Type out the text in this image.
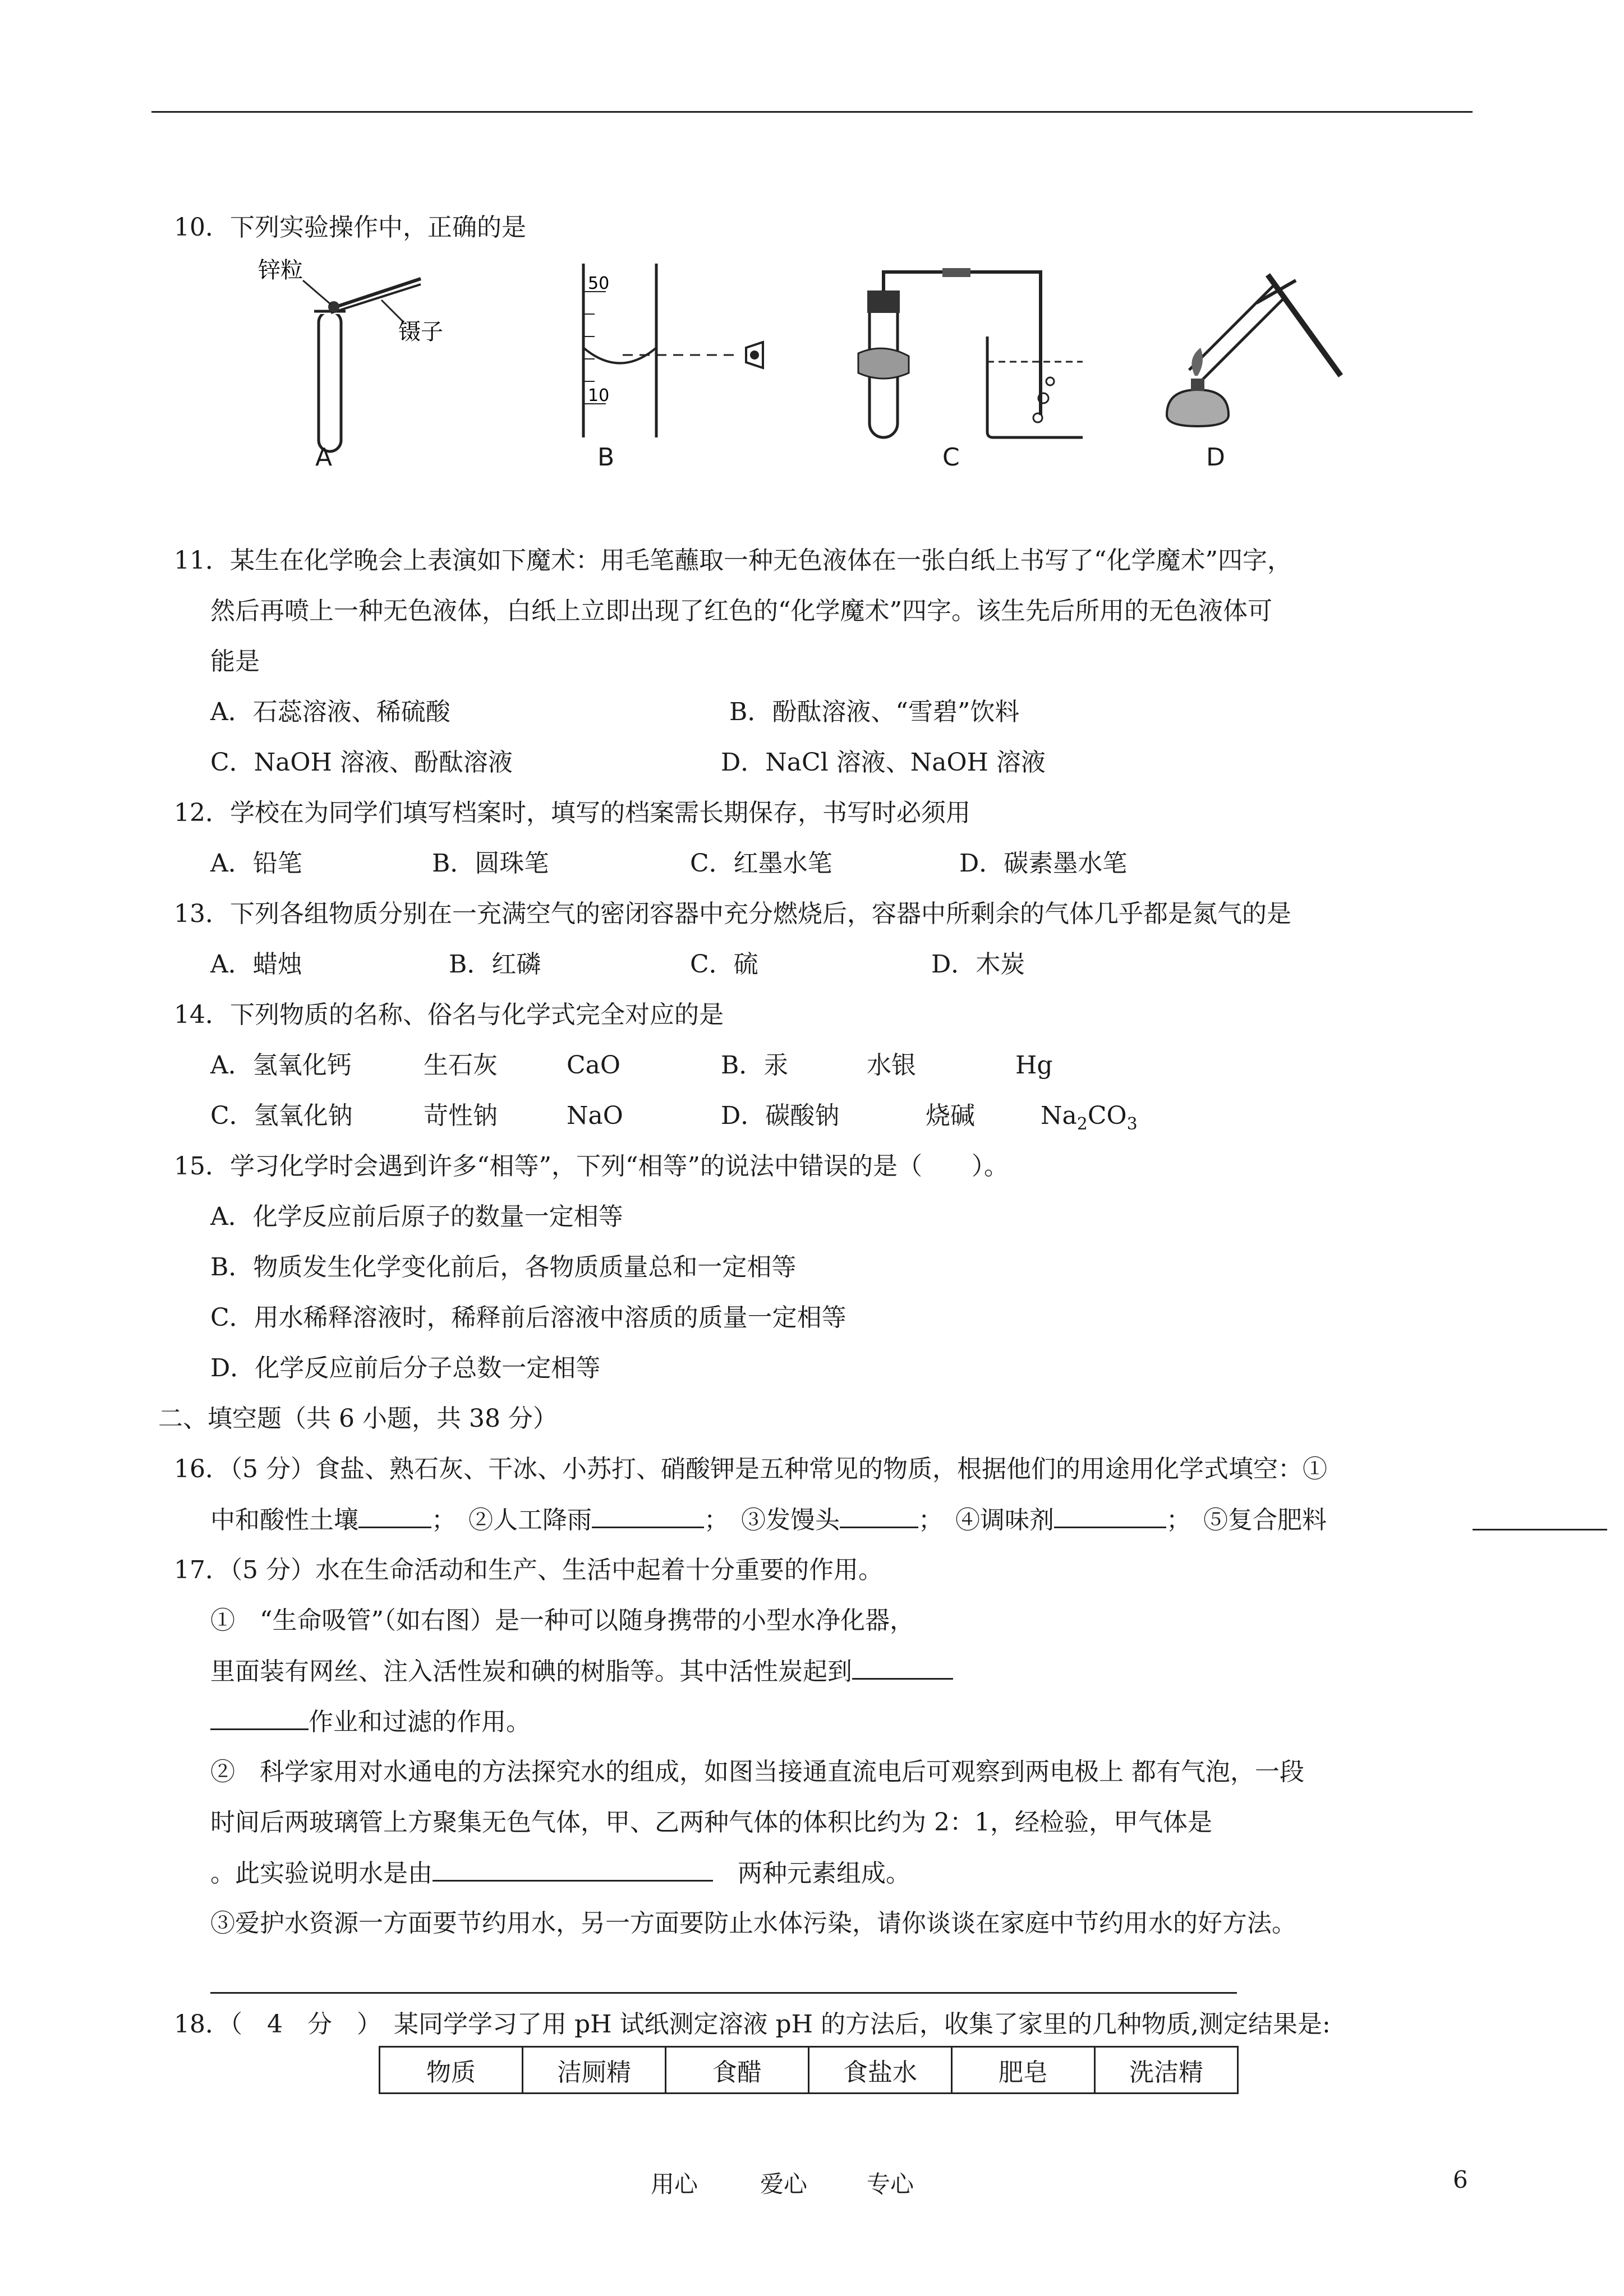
10．下列实验操作中，正确的是
锌粒
镊子
A
50
10
B	C	D
11．某生在化学晚会上表演如下魔术：用毛笔蘸取一种无色液体在一张白纸上书写了“化学魔术”四字，
然后再喷上一种无色液体，白纸上立即出现了红色的“化学魔术”四字。该生先后所用的无色液体可
能是
A．石蕊溶液、稀硫酸	B．酚酞溶液、“雪碧”饮料
C．NaOH 溶液、酚酞溶液	D．NaCl 溶液、NaOH 溶液
12．学校在为同学们填写档案时，填写的档案需长期保存，书写时必须用
A．铅笔	B．圆珠笔	C．红墨水笔	D．碳素墨水笔
13．下列各组物质分别在一充满空气的密闭容器中充分燃烧后，容器中所剩余的气体几乎都是氮气的是
A．蜡烛	B．红磷	C．硫	D．木炭
14．下列物质的名称、俗名与化学式完全对应的是
A．氢氧化钙	生石灰	CaO	B．汞	水银	Hg
C．氢氧化钠	苛性钠	NaO	D．碳酸钠	烧碱	$Na_2CO_3$
15．学习化学时会遇到许多“相等”，下列“相等”的说法中错误的是（　　）。
A．化学反应前后原子的数量一定相等
B．物质发生化学变化前后，各物质质量总和一定相等
C．用水稀释溶液时，稀释前后溶液中溶质的质量一定相等
D．化学反应前后分子总数一定相等
二、填空题（共 6 小题，共 38 分）
16．（5 分）食盐、熟石灰、干冰、小苏打、硝酸钾是五种常见的物质，根据他们的用途用化学式填空：①
中和酸性土壤	；　②人工降雨	；　③发馒头	；　④调味剂	；　⑤复合肥料
17．（5 分）水在生命活动和生产、生活中起着十分重要的作用。
①　“生命吸管”（如右图）是一种可以随身携带的小型水净化器，
里面装有网丝、注入活性炭和碘的树脂等。其中活性炭起到
作业和过滤的作用。
②　科学家用对水通电的方法探究水的组成，如图当接通直流电后可观察到两电极上 都有气泡，一段
时间后两玻璃管上方聚集无色气体，甲、乙两种气体的体积比约为 2：1，经检验，甲气体是
。此实验说明水是由　	两种元素组成。
③爱护水资源一方面要节约用水，另一方面要防止水体污染，请你谈谈在家庭中节约用水的好方法。
18．（　4　分　）　某同学学习了用 pH 试纸测定溶液 pH 的方法后，收集了家里的几种物质,测定结果是:
物质	洁厕精	食醋	食盐水	肥皂	洗洁精
用心	爱心	专心	6
